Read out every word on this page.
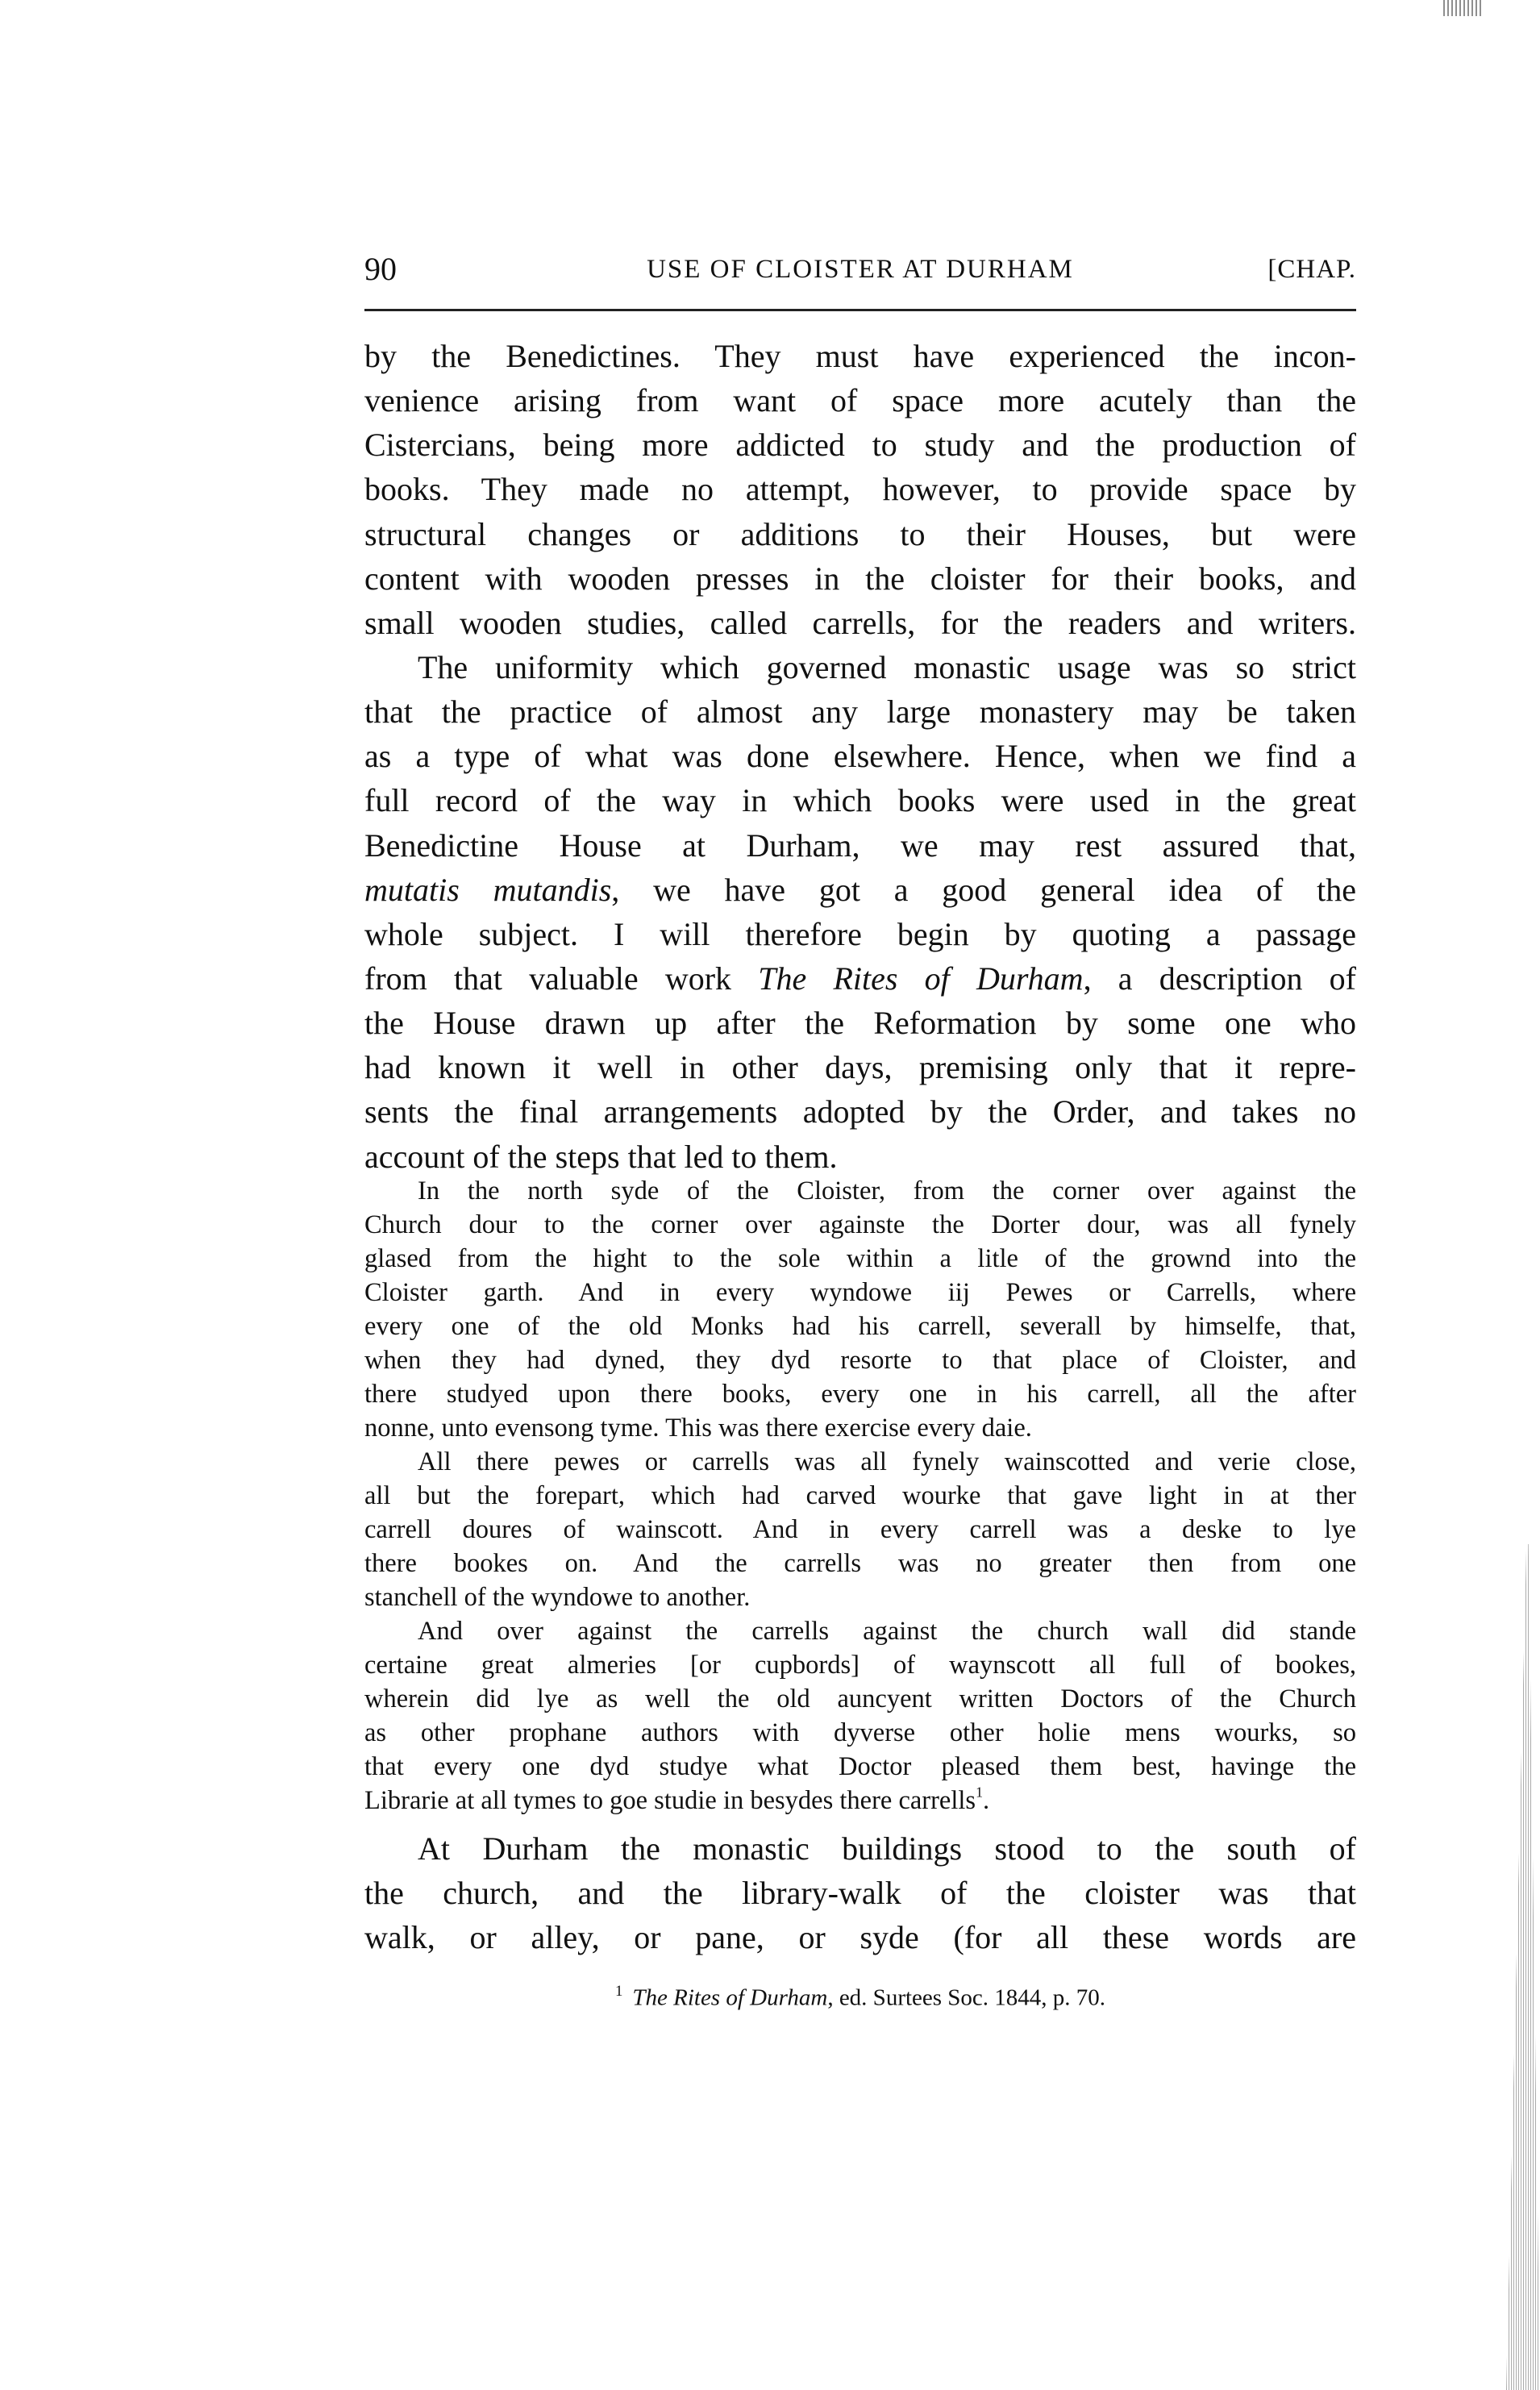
90	USE OF CLOISTER AT DURHAM	[CHAP.
by the Benedictines. They must have experienced the incon-
venience arising from want of space more acutely than the
Cistercians, being more addicted to study and the production of
books. They made no attempt, however, to provide space by
structural changes or additions to their Houses, but were
content with wooden presses in the cloister for their books, and
small wooden studies, called carrells, for the readers and writers.
The uniformity which governed monastic usage was so strict
that the practice of almost any large monastery may be taken
as a type of what was done elsewhere. Hence, when we find a
full record of the way in which books were used in the great
Benedictine House at Durham, we may rest assured that,
mutatis mutandis, we have got a good general idea of the
whole subject. I will therefore begin by quoting a passage
from that valuable work The Rites of Durham, a description of
the House drawn up after the Reformation by some one who
had known it well in other days, premising only that it repre-
sents the final arrangements adopted by the Order, and takes no
account of the steps that led to them.
In the north syde of the Cloister, from the corner over against the
Church dour to the corner over againste the Dorter dour, was all fynely
glased from the hight to the sole within a litle of the grownd into the
Cloister garth. And in every wyndowe iij Pewes or Carrells, where
every one of the old Monks had his carrell, severall by himselfe, that,
when they had dyned, they dyd resorte to that place of Cloister, and
there studyed upon there books, every one in his carrell, all the after
nonne, unto evensong tyme. This was there exercise every daie.
All there pewes or carrells was all fynely wainscotted and verie close,
all but the forepart, which had carved wourke that gave light in at ther
carrell doures of wainscott. And in every carrell was a deske to lye
there bookes on. And the carrells was no greater then from one
stanchell of the wyndowe to another.
And over against the carrells against the church wall did stande
certaine great almeries [or cupbords] of waynscott all full of bookes,
wherein did lye as well the old auncyent written Doctors of the Church
as other prophane authors with dyverse other holie mens wourks, so
that every one dyd studye what Doctor pleased them best, havinge the
Librarie at all tymes to goe studie in besydes there carrells$^1$.
At Durham the monastic buildings stood to the south of
the church, and the library-walk of the cloister was that
walk, or alley, or pane, or syde (for all these words are
$^1$ The Rites of Durham, ed. Surtees Soc. 1844, p. 70.
